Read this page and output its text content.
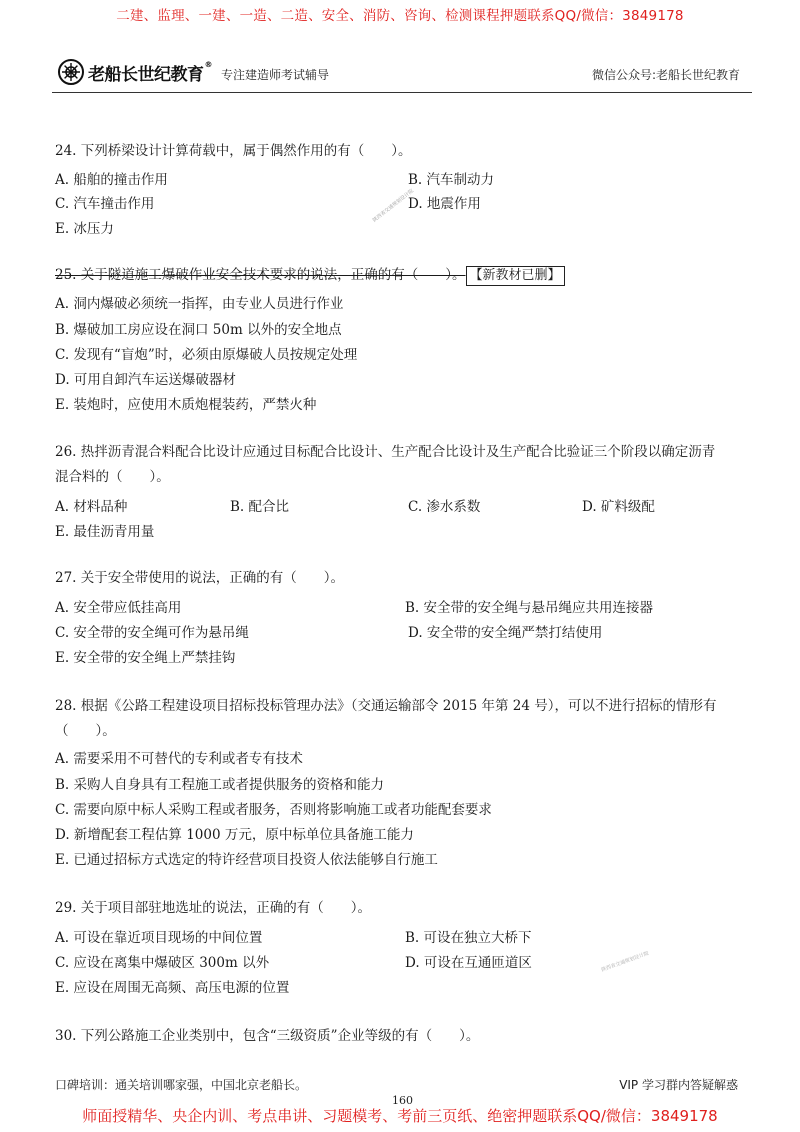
二建、监理、一建、一造、二造、安全、消防、咨询、检测课程押题联系QQ/微信：3849178
老船长世纪教育®
专注建造师考试辅导	微信公众号:老船长世纪教育
24. 下列桥梁设计计算荷载中，属于偶然作用的有（　　）。
A. 船舶的撞击作用	B. 汽车制动力
C. 汽车撞击作用	D. 地震作用
E. 冰压力
25. 关于隧道施工爆破作业安全技术要求的说法，正确的有（　　）。 【新教材已删】
A. 洞内爆破必须统一指挥，由专业人员进行作业
B. 爆破加工房应设在洞口 50m 以外的安全地点
C. 发现有“盲炮”时，必须由原爆破人员按规定处理
D. 可用自卸汽车运送爆破器材
E. 装炮时，应使用木质炮棍装药，严禁火种
26. 热拌沥青混合料配合比设计应通过目标配合比设计、生产配合比设计及生产配合比验证三个阶段以确定沥青
混合料的（　　）。
A. 材料品种	B. 配合比	C. 渗水系数	D. 矿料级配
E. 最佳沥青用量
27. 关于安全带使用的说法，正确的有（　　）。
A. 安全带应低挂高用	B. 安全带的安全绳与悬吊绳应共用连接器
C. 安全带的安全绳可作为悬吊绳	D. 安全带的安全绳严禁打结使用
E. 安全带的安全绳上严禁挂钩
28. 根据《公路工程建设项目招标投标管理办法》（交通运输部令 2015 年第 24 号），可以不进行招标的情形有
（　　）。
A. 需要采用不可替代的专利或者专有技术
B. 采购人自身具有工程施工或者提供服务的资格和能力
C. 需要向原中标人采购工程或者服务，否则将影响施工或者功能配套要求
D. 新增配套工程估算 1000 万元，原中标单位具备施工能力
E. 已通过招标方式选定的特许经营项目投资人依法能够自行施工
29. 关于项目部驻地选址的说法，正确的有（　　）。
A. 可设在靠近项目现场的中间位置	B. 可设在独立大桥下
C. 应设在离集中爆破区 300m 以外	D. 可设在互通匝道区
E. 应设在周围无高频、高压电源的位置
30. 下列公路施工企业类别中，包含“三级资质”企业等级的有（　　）。
陕西省交通规划设计院
陕西省交通规划设计院
口碑培训：通关培训哪家强，中国北京老船长。	VIP 学习群内答疑解惑
160
师面授精华、央企内训、考点串讲、习题模考、考前三页纸、绝密押题联系QQ/微信：3849178
